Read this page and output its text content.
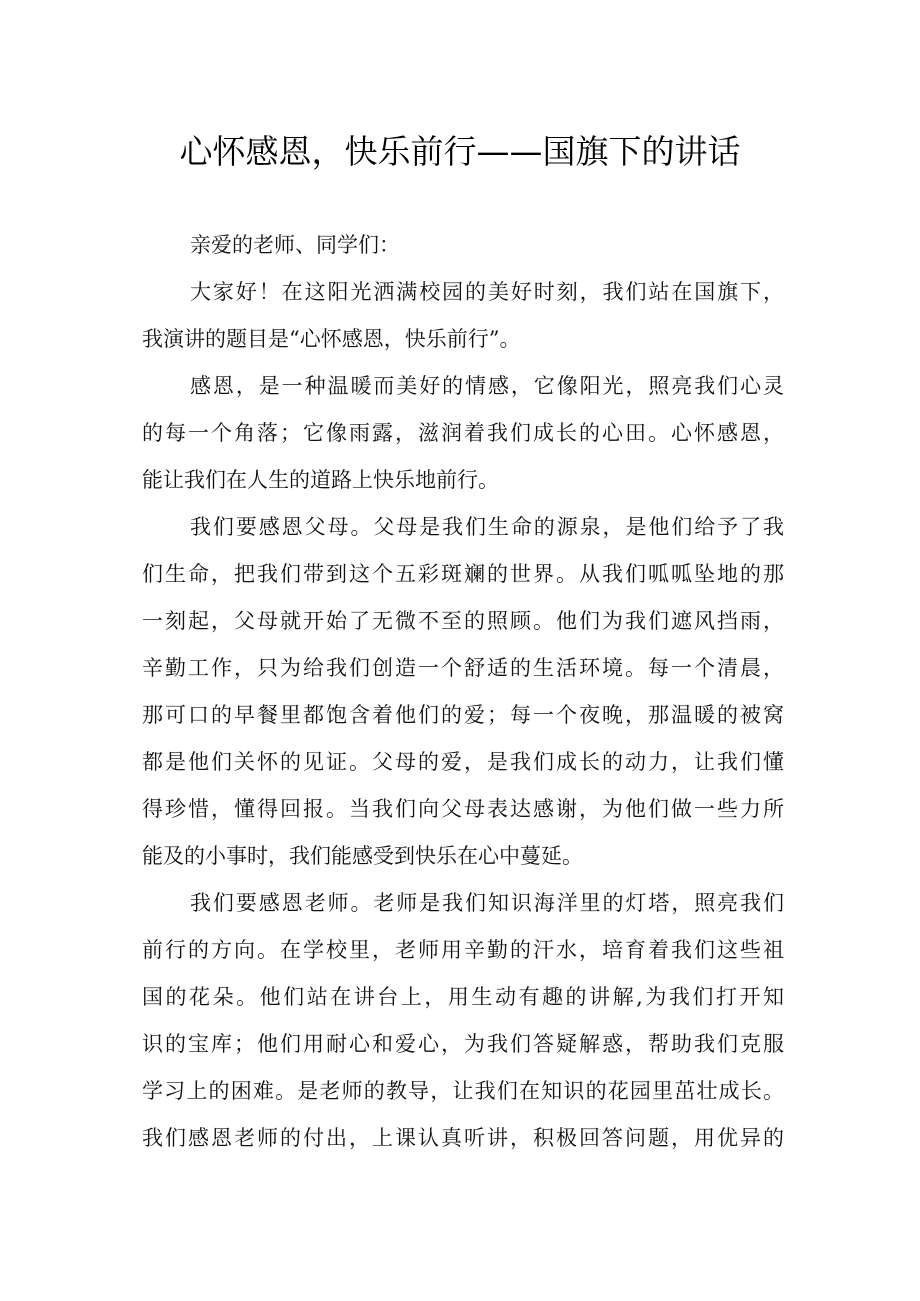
心怀感恩，快乐前行——国旗下的讲话
亲爱的老师、同学们：
大家好！在这阳光洒满校园的美好时刻，我们站在国旗下，
我演讲的题目是“心怀感恩，快乐前行”。
感恩，是一种温暖而美好的情感，它像阳光，照亮我们心灵
的每一个角落；它像雨露，滋润着我们成长的心田。心怀感恩，
能让我们在人生的道路上快乐地前行。
我们要感恩父母。父母是我们生命的源泉，是他们给予了我
们生命，把我们带到这个五彩斑斓的世界。从我们呱呱坠地的那
一刻起，父母就开始了无微不至的照顾。他们为我们遮风挡雨，
辛勤工作，只为给我们创造一个舒适的生活环境。每一个清晨，
那可口的早餐里都饱含着他们的爱；每一个夜晚，那温暖的被窝
都是他们关怀的见证。父母的爱，是我们成长的动力，让我们懂
得珍惜，懂得回报。当我们向父母表达感谢，为他们做一些力所
能及的小事时，我们能感受到快乐在心中蔓延。
我们要感恩老师。老师是我们知识海洋里的灯塔，照亮我们
前行的方向。在学校里，老师用辛勤的汗水，培育着我们这些祖
国的花朵。他们站在讲台上，用生动有趣的讲解,为我们打开知
识的宝库；他们用耐心和爱心，为我们答疑解惑，帮助我们克服
学习上的困难。是老师的教导，让我们在知识的花园里茁壮成长。
我们感恩老师的付出，上课认真听讲，积极回答问题，用优异的
